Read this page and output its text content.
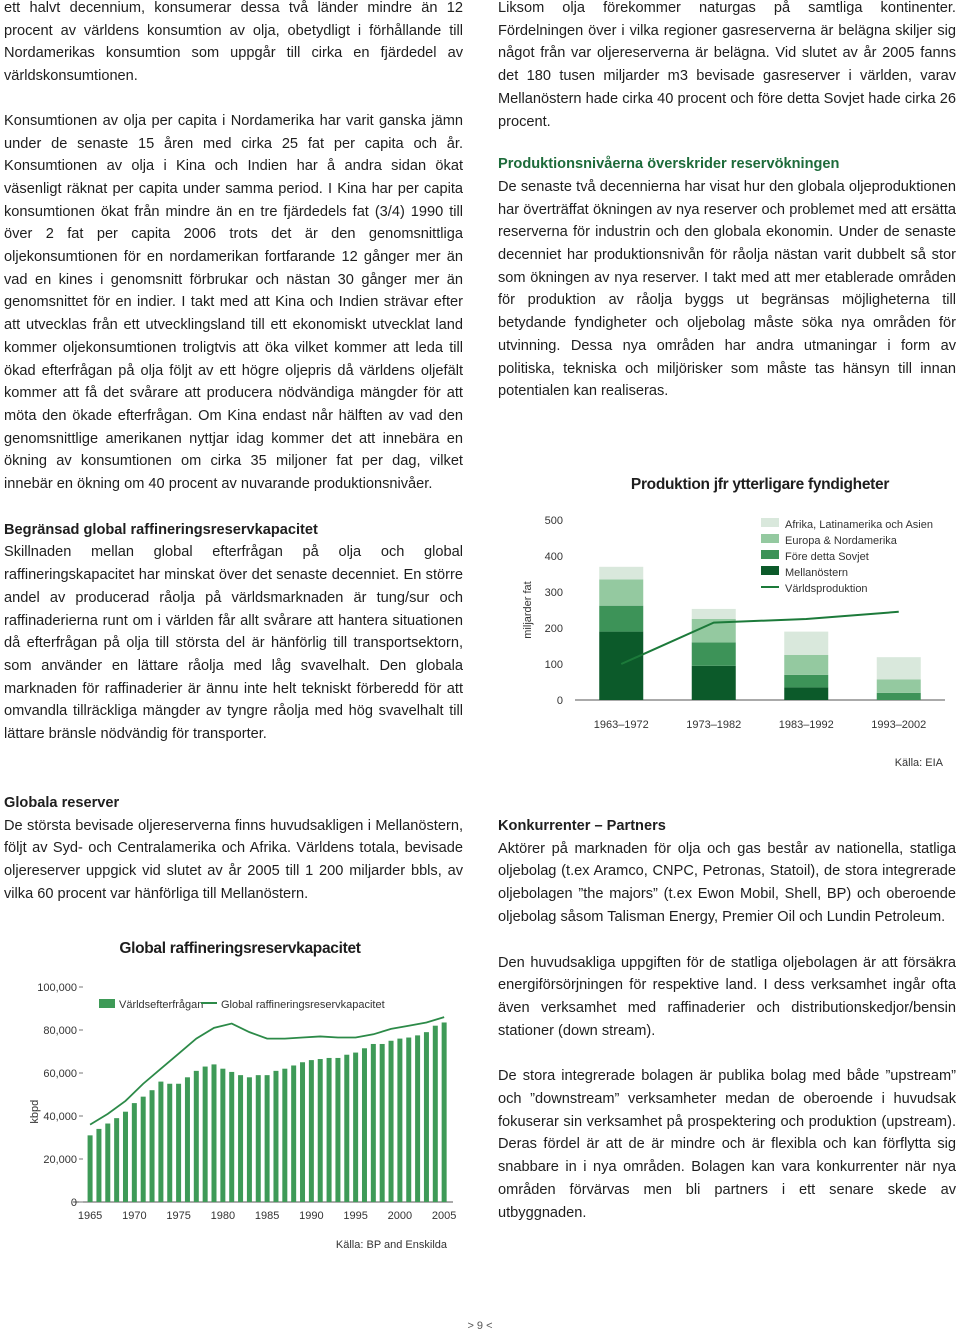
ett halvt decennium, konsumerar dessa två länder mindre än 12 procent av världens konsumtion av olja, obetydligt i förhållande till Nordamerikas konsumtion som uppgår till cirka en fjärdedel av världskonsumtionen.

Konsumtionen av olja per capita i Nordamerika har varit ganska jämn under de senaste 15 åren med cirka 25 fat per capita och år. Konsumtionen av olja i Kina och Indien har å andra sidan ökat väsenligt räknat per capita under samma period. I Kina har per capita konsumtionen ökat från mindre än en tre fjärdedels fat (3/4) 1990 till över 2 fat per capita 2006 trots det är den genomsnittliga oljekonsumtionen för en nordamerikan fortfarande 12 gånger mer än vad en kines i genomsnitt förbrukar och nästan 30 gånger mer än genomsnittet för en indier. I takt med att Kina och Indien strävar efter att utvecklas från ett utvecklingsland till ett ekonomiskt utvecklat land kommer oljekonsumtionen troligtvis att öka vilket kommer att leda till ökad efterfrågan på olja följt av ett högre oljepris då världens oljefält kommer att få det svårare att producera nödvändiga mängder för att möta den ökade efterfrågan. Om Kina endast når hälften av vad den genomsnittlige amerikanen nyttjar idag kommer det att innebära en ökning av konsumtionen om cirka 35 miljoner fat per dag, vilket innebär en ökning om 40 procent av nuvarande produktionsnivåer.

Begränsad global raffineringsreservkapacitet

Skillnaden mellan global efterfrågan på olja och global raffineringskapacitet har minskat över det senaste decenniet. En större andel av producerad råolja på världsmarknaden är tung/sur och raffinaderierna runt om i världen får allt svårare att hantera situationen då efterfrågan på olja till största del är hänförlig till transportsektorn, som använder en lättare råolja med låg svavelhalt. Den globala marknaden för raffinaderier är ännu inte helt tekniskt förberedd för att omvandla tillräckliga mängder av tyngre råolja med hög svavelhalt till lättare bränsle nödvändig för transporter.

Globala reserver

De största bevisade oljereserverna finns huvudsakligen i Mellanöstern, följt av Syd- och Centralamerika och Afrika. Världens totala, bevisade oljereserver uppgick vid slutet av år 2005 till 1 200 miljarder bbls, av vilka 60 procent var hänförliga till Mellanöstern.

Liksom olja förekommer naturgas på samtliga kontinenter. Fördelningen över i vilka regioner gasreserverna är belägna skiljer sig något från var oljereserverna är belägna. Vid slutet av år 2005 fanns det 180 tusen miljarder m3 bevisade gasreserver i världen, varav Mellanöstern hade cirka 40 procent och före detta Sovjet hade cirka 26 procent.

Produktionsnivåerna överskrider reservökningen

De senaste två decennierna har visat hur den globala oljeproduktionen har överträffat ökningen av nya reserver och problemet med att ersätta reserverna för industrin och den globala ekonomin. Under de senaste decenniet har produktionsnivån för råolja nästan varit dubbelt så stor som ökningen av nya reserver. I takt med att mer etablerade områden för produktion av råolja byggs ut begränsas möjligheterna till betydande fyndigheter och oljebolag måste söka nya områden för utvinning. Dessa nya områden har andra utmaningar i form av politiska, tekniska och miljörisker som måste tas hänsyn till innan potentialen kan realiseras.

Konkurrenter – Partners

Aktörer på marknaden för olja och gas består av nationella, statliga oljebolag (t.ex Aramco, CNPC, Petronas, Statoil), de stora integrerade oljebolagen ”the majors” (t.ex Ewon Mobil, Shell, BP) och oberoende oljebolag såsom Talisman Energy, Premier Oil och Lundin Petroleum.

Den huvudsakliga uppgiften för de statliga oljebolagen är att försäkra energiförsörjningen för respektive land. I dess verksamhet ingår ofta även verksamhet med raffinaderier och distributionskedjor/bensin stationer (down stream).

De stora integrerade bolagen är publika bolag med både ”upstream” och ”downstream” verksamheter medan de oberoende i huvudsak fokuserar sin verksamhet på prospektering och produktion (upstream). Deras fördel är att de är mindre och är flexibla och kan förflytta sig snabbare in i nya områden. Bolagen kan vara konkurrenter när nya områden förvärvas men bli partners i ett senare skede av utbyggnaden.

Produktion jfr ytterligare fyndigheter
500
400
300
200
100
0
miljarder fat
1963–1972	1973–1982	1983–1992	1993–2002
Afrika, Latinamerika och Asien
Europa & Nordamerika
Före detta Sovjet
Mellanöstern
Världsproduktion
Källa: EIA
Global raffineringsreservkapacitet
100,000
80,000
60,000
40,000
20,000
0
kbpd
1965 1970 1975 1980 1985 1990 1995 2000 2005
Världsefterfrågan Global raffineringsreservkapacitet
Källa: BP and Enskilda
> 9 <
